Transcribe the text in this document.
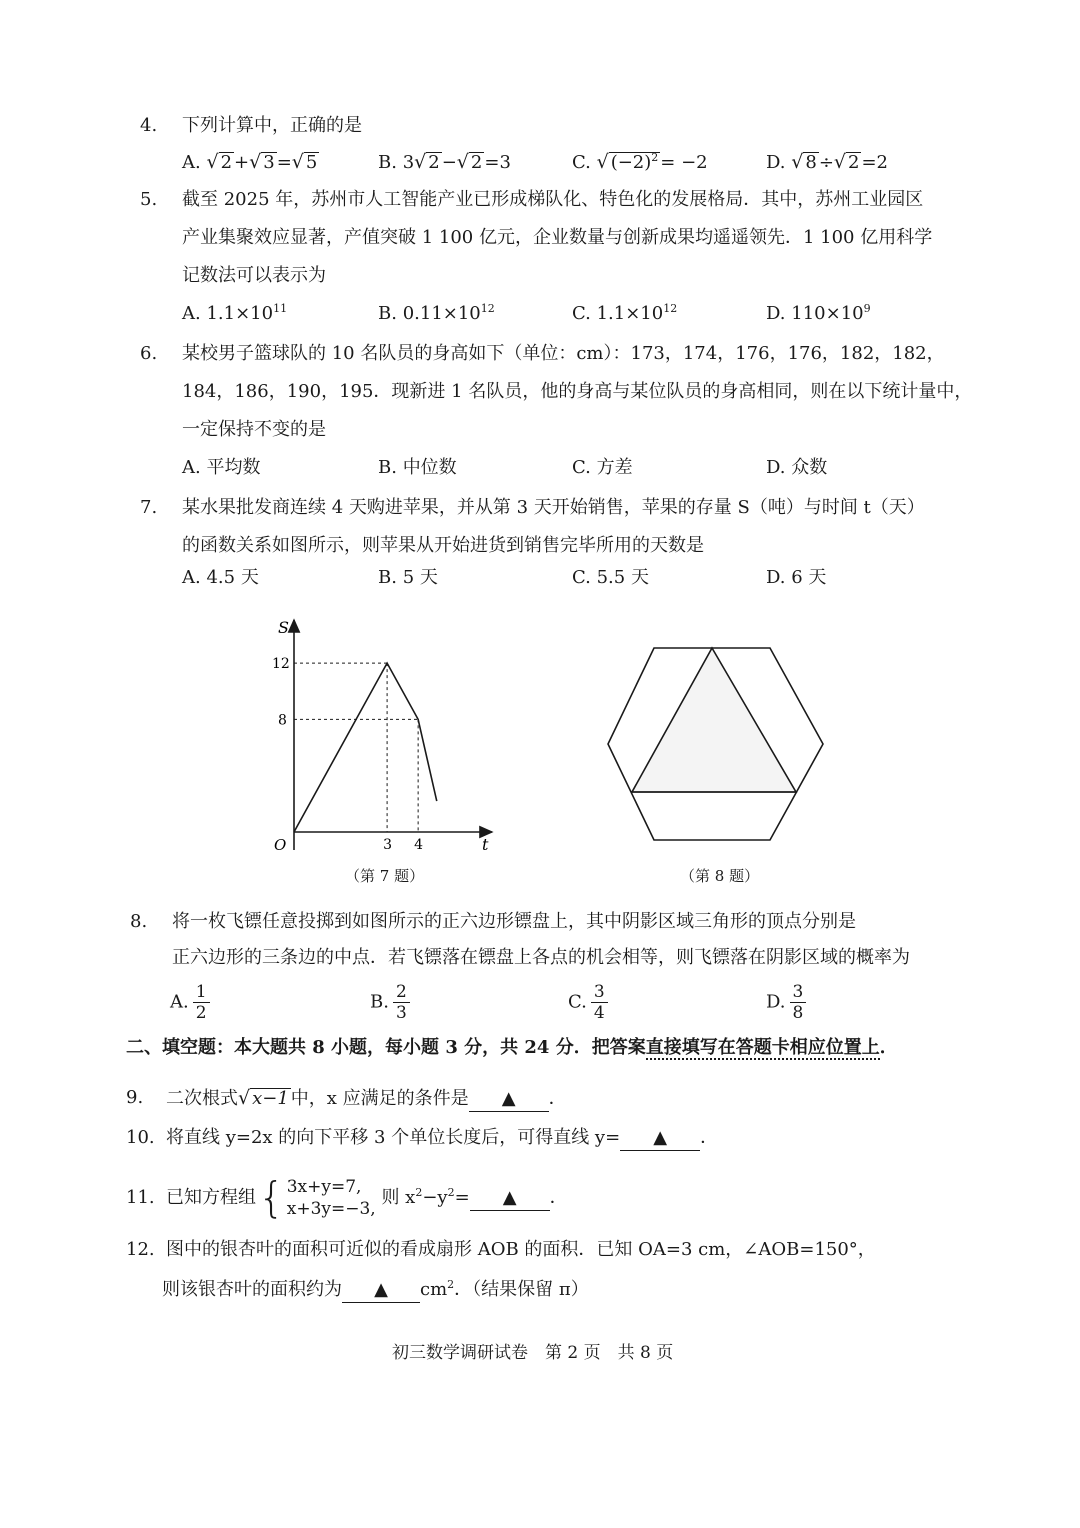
4. 下列计算中，正确的是
A. √ 2 +√ 3 =√ 5	B. 3√ 2 −√ 2 =3	C. √ $(-2)^2 = -2$	D. √ 8 ÷√ 2 =2
5. 截至 2025 年，苏州市人工智能产业已形成梯队化、特色化的发展格局．其中，苏州工业园区
产业集聚效应显著，产值突破 1 100 亿元，企业数量与创新成果均遥遥领先．1 100 亿用科学
记数法可以表示为
A. $1.1\times 10^{11}$	B. $0.11\times 10^{12}$	C. $1.1\times 10^{12}$	D. $110\times 10^9$
6. 某校男子篮球队的 10 名队员的身高如下（单位：cm）：173，174，176，176，182，182，
184，186，190，195．现新进 1 名队员，他的身高与某位队员的身高相同，则在以下统计量中，
一定保持不变的是
A. 平均数	B. 中位数	C. 方差	D. 众数
7. 某水果批发商连续 4 天购进苹果，并从第 3 天开始销售，苹果的存量 S（吨）与时间 t（天）
的函数关系如图所示，则苹果从开始进货到销售完毕所用的天数是
A. 4.5 天	B. 5 天	C. 5.5 天	D. 6 天
S
t
O
12
8
3 4
（第 7 题）	（第 8 题）
8. 将一枚飞镖任意投掷到如图所示的正六边形镖盘上，其中阴影区域三角形的顶点分别是
正六边形的三条边的中点．若飞镖落在镖盘上各点的机会相等，则飞镖落在阴影区域的概率为
A. $\frac{1}{2}$	B. $\frac{2}{3}$	C. $\frac{3}{4}$	D. $\frac{3}{8}$
二、填空题：本大题共 8 小题，每小题 3 分，共 24 分．把答案直接填写在答题卡相应位置上．
9. 二次根式√ x−1 中，x 应满足的条件是 ▲ ．
10. 将直线 y=2x 的向下平移 3 个单位长度后，可得直线 y= ▲ ．
11. 已知方程组 { 3x+y=7,
x+3y=−3,
则 $x^2-y^2=$ ▲ ．
12. 图中的银杏叶的面积可近似的看成扇形 AOB 的面积．已知 OA=3 cm，∠AOB=150°，
则该银杏叶的面积约为 ▲ $cm^2$．（结果保留 π）
初三数学调研试卷　第 2 页　共 8 页
